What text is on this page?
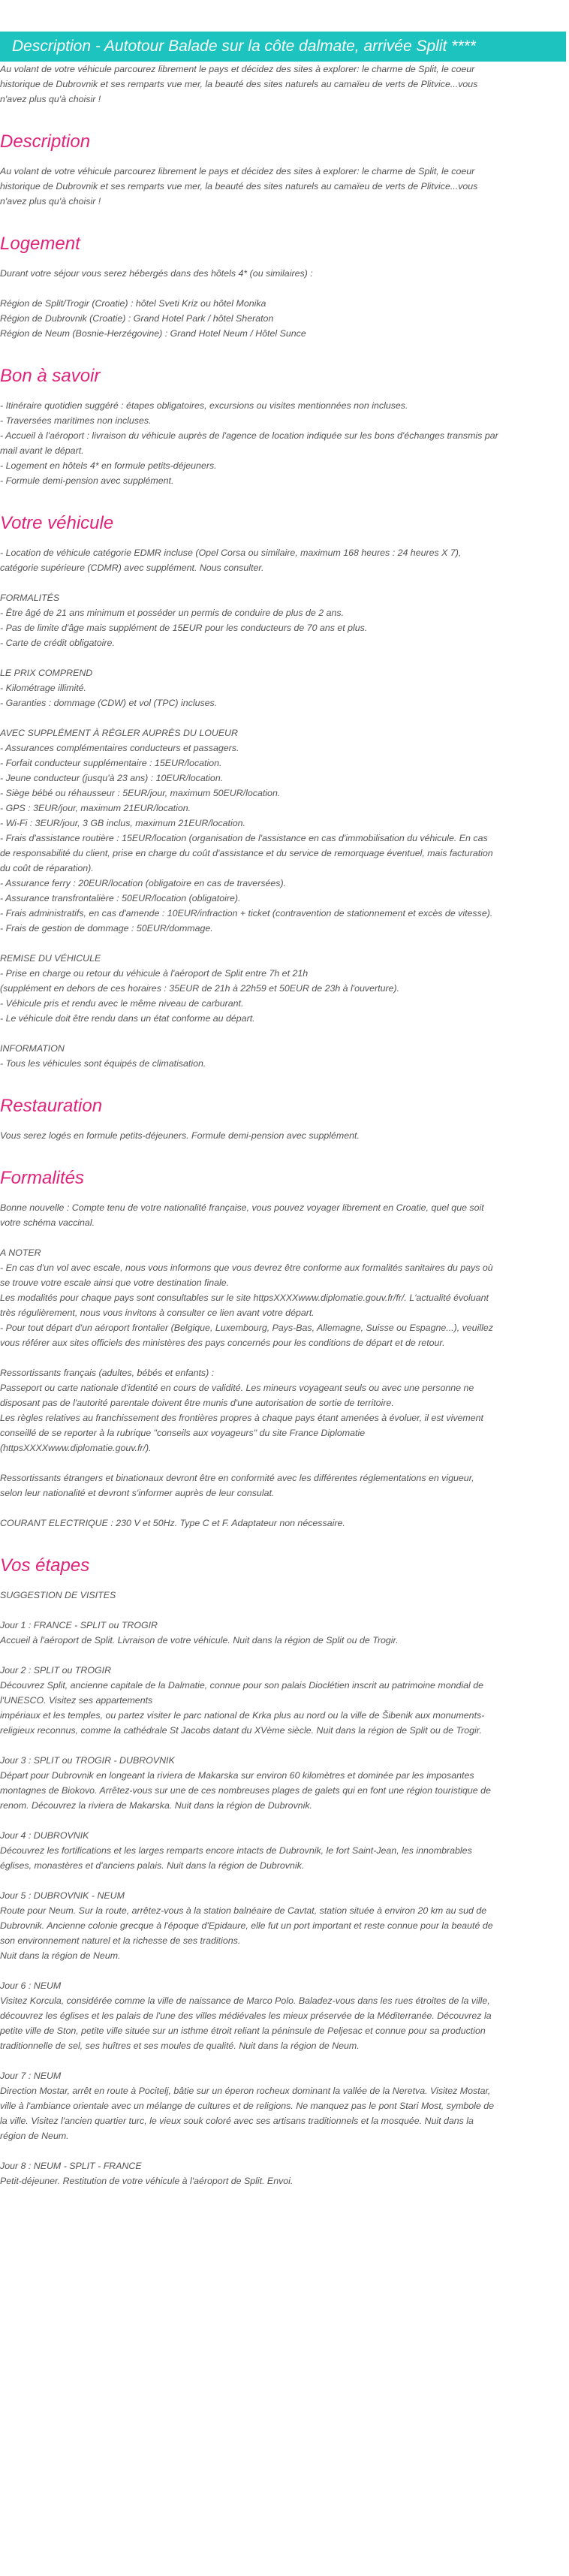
Description - Autotour Balade sur la côte dalmate, arrivée Split ****
Au volant de votre véhicule parcourez librement le pays et décidez des sites à explorer: le charme de Split, le coeur
historique de Dubrovnik et ses remparts vue mer, la beauté des sites naturels au camaïeu de verts de Plitvice...vous
n'avez plus qu'à choisir !
Description
Au volant de votre véhicule parcourez librement le pays et décidez des sites à explorer: le charme de Split, le coeur
historique de Dubrovnik et ses remparts vue mer, la beauté des sites naturels au camaïeu de verts de Plitvice...vous
n'avez plus qu'à choisir !
Logement
Durant votre séjour vous serez hébergés dans des hôtels 4* (ou similaires) :
Région de Split/Trogir (Croatie) : hôtel Sveti Kriz ou hôtel Monika
Région de Dubrovnik (Croatie) : Grand Hotel Park / hôtel Sheraton
Région de Neum (Bosnie-Herzégovine) : Grand Hotel Neum / Hôtel Sunce
Bon à savoir
- Itinéraire quotidien suggéré : étapes obligatoires, excursions ou visites mentionnées non incluses.
- Traversées maritimes non incluses.
- Accueil à l'aéroport : livraison du véhicule auprès de l'agence de location indiquée sur les bons d'échanges transmis par
mail avant le départ.
- Logement en hôtels 4* en formule petits-déjeuners.
- Formule demi-pension avec supplément.
Votre véhicule
- Location de véhicule catégorie EDMR incluse (Opel Corsa ou similaire, maximum 168 heures : 24 heures X 7),
catégorie supérieure (CDMR) avec supplément. Nous consulter.
FORMALITÉS
- Être âgé de 21 ans minimum et posséder un permis de conduire de plus de 2 ans.
- Pas de limite d'âge mais supplément de 15EUR pour les conducteurs de 70 ans et plus.
- Carte de crédit obligatoire.
LE PRIX COMPREND
- Kilométrage illimité.
- Garanties : dommage (CDW) et vol (TPC) incluses.
AVEC SUPPLÉMENT À RÉGLER AUPRÈS DU LOUEUR
- Assurances complémentaires conducteurs et passagers.
- Forfait conducteur supplémentaire : 15EUR/location.
- Jeune conducteur (jusqu'à 23 ans) : 10EUR/location.
- Siège bébé ou réhausseur : 5EUR/jour, maximum 50EUR/location.
- GPS : 3EUR/jour, maximum 21EUR/location.
- Wi-Fi : 3EUR/jour, 3 GB inclus, maximum 21EUR/location.
- Frais d'assistance routière : 15EUR/location (organisation de l'assistance en cas d'immobilisation du véhicule. En cas
de responsabilité du client, prise en charge du coût d'assistance et du service de remorquage éventuel, mais facturation
du coût de réparation).
- Assurance ferry : 20EUR/location (obligatoire en cas de traversées).
- Assurance transfrontalière : 50EUR/location (obligatoire).
- Frais administratifs, en cas d'amende : 10EUR/infraction + ticket (contravention de stationnement et excès de vitesse).
- Frais de gestion de dommage : 50EUR/dommage.
REMISE DU VÉHICULE
- Prise en charge ou retour du véhicule à l'aéroport de Split entre 7h et 21h
(supplément en dehors de ces horaires : 35EUR de 21h à 22h59 et 50EUR de 23h à l'ouverture).
- Véhicule pris et rendu avec le même niveau de carburant.
- Le véhicule doit être rendu dans un état conforme au départ.
INFORMATION
- Tous les véhicules sont équipés de climatisation.
Restauration
Vous serez logés en formule petits-déjeuners. Formule demi-pension avec supplément.
Formalités
Bonne nouvelle : Compte tenu de votre nationalité française, vous pouvez voyager librement en Croatie, quel que soit
votre schéma vaccinal.
A NOTER
- En cas d'un vol avec escale, nous vous informons que vous devrez être conforme aux formalités sanitaires du pays où
se trouve votre escale ainsi que votre destination finale.
Les modalités pour chaque pays sont consultables sur le site httpsXXXXwww.diplomatie.gouv.fr/fr/. L'actualité évoluant
très régulièrement, nous vous invitons à consulter ce lien avant votre départ.
- Pour tout départ d'un aéroport frontalier (Belgique, Luxembourg, Pays-Bas, Allemagne, Suisse ou Espagne...), veuillez
vous référer aux sites officiels des ministères des pays concernés pour les conditions de départ et de retour.
Ressortissants français (adultes, bébés et enfants) :
Passeport ou carte nationale d'identité en cours de validité. Les mineurs voyageant seuls ou avec une personne ne
disposant pas de l'autorité parentale doivent être munis d'une autorisation de sortie de territoire.
Les règles relatives au franchissement des frontières propres à chaque pays étant amenées à évoluer, il est vivement
conseillé de se reporter à la rubrique "conseils aux voyageurs" du site France Diplomatie
(httpsXXXXwww.diplomatie.gouv.fr/).
Ressortissants étrangers et binationaux devront être en conformité avec les différentes réglementations en vigueur,
selon leur nationalité et devront s'informer auprès de leur consulat.
COURANT ELECTRIQUE : 230 V et 50Hz. Type C et F. Adaptateur non nécessaire.
Vos étapes
SUGGESTION DE VISITES
Jour 1 : FRANCE - SPLIT ou TROGIR
Accueil à l'aéroport de Split. Livraison de votre véhicule. Nuit dans la région de Split ou de Trogir.
Jour 2 : SPLIT ou TROGIR
Découvrez Split, ancienne capitale de la Dalmatie, connue pour son palais Dioclétien inscrit au patrimoine mondial de
l'UNESCO. Visitez ses appartements
impériaux et les temples, ou partez visiter le parc national de Krka plus au nord ou la ville de Šibenik aux monuments-
religieux reconnus, comme la cathédrale St Jacobs datant du XVème siècle. Nuit dans la région de Split ou de Trogir.
Jour 3 : SPLIT ou TROGIR - DUBROVNIK
Départ pour Dubrovnik en longeant la riviera de Makarska sur environ 60 kilomètres et dominée par les imposantes
montagnes de Biokovo. Arrêtez-vous sur une de ces nombreuses plages de galets qui en font une région touristique de
renom. Découvrez la riviera de Makarska. Nuit dans la région de Dubrovnik.
Jour 4 : DUBROVNIK
Découvrez les fortifications et les larges remparts encore intacts de Dubrovnik, le fort Saint-Jean, les innombrables
églises, monastères et d'anciens palais. Nuit dans la région de Dubrovnik.
Jour 5 : DUBROVNIK - NEUM
Route pour Neum. Sur la route, arrêtez-vous à la station balnéaire de Cavtat, station située à environ 20 km au sud de
Dubrovnik. Ancienne colonie grecque à l'époque d'Epidaure, elle fut un port important et reste connue pour la beauté de
son environnement naturel et la richesse de ses traditions.
Nuit dans la région de Neum.
Jour 6 : NEUM
Visitez Korcula, considérée comme la ville de naissance de Marco Polo. Baladez-vous dans les rues étroites de la ville,
découvrez les églises et les palais de l'une des villes médiévales les mieux préservée de la Méditerranée. Découvrez la
petite ville de Ston, petite ville située sur un isthme étroit reliant la péninsule de Peljesac et connue pour sa production
traditionnelle de sel, ses huîtres et ses moules de qualité. Nuit dans la région de Neum.
Jour 7 : NEUM
Direction Mostar, arrêt en route à Pocitelj, bâtie sur un éperon rocheux dominant la vallée de la Neretva. Visitez Mostar,
ville à l'ambiance orientale avec un mélange de cultures et de religions. Ne manquez pas le pont Stari Most, symbole de
la ville. Visitez l'ancien quartier turc, le vieux souk coloré avec ses artisans traditionnels et la mosquée. Nuit dans la
région de Neum.
Jour 8 : NEUM - SPLIT - FRANCE
Petit-déjeuner. Restitution de votre véhicule à l'aéroport de Split. Envoi.
